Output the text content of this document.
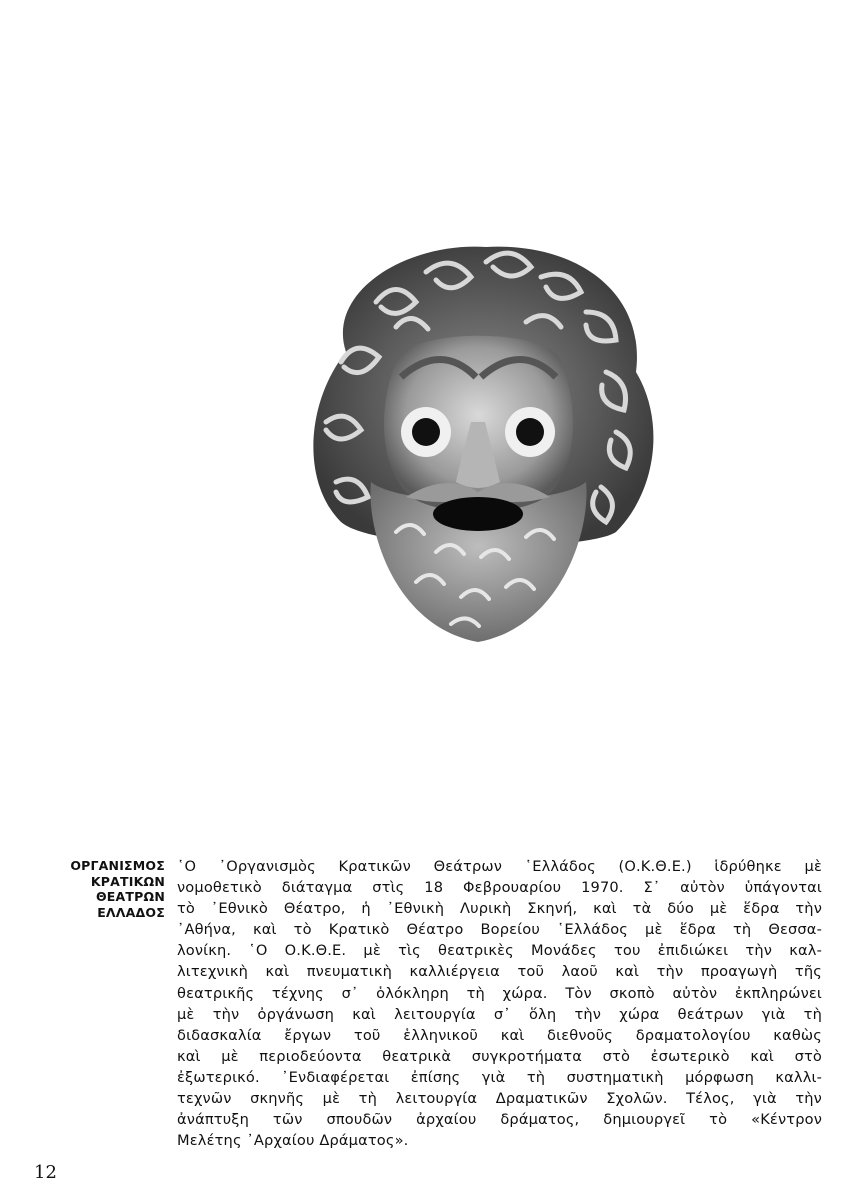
ΟΡΓΑΝΙΣΜΟΣ
ΚΡΑΤΙΚΩΝ
ΘΕΑΤΡΩΝ
ΕΛΛΑΔΟΣ
῾Ο ᾿Οργανισμὸς Κρατικῶν Θεάτρων ῾Ελλάδος (Ο.Κ.Θ.Ε.) ἱδρύθηκε μὲ
νομοθετικὸ διάταγμα στὶς 18 Φεβρουαρίου 1970. Σ᾿ αὐτὸν ὑπάγονται
τὸ ᾿Εθνικὸ Θέατρο, ἡ ᾿Εθνικὴ Λυρικὴ Σκηνή, καὶ τὰ δύο μὲ ἕδρα τὴν
᾿Αθήνα, καὶ τὸ Κρατικὸ Θέατρο Βορείου ῾Ελλάδος μὲ ἕδρα τὴ Θεσσα-
λονίκη. ῾Ο Ο.Κ.Θ.Ε. μὲ τὶς θεατρικὲς Μονάδες του ἐπιδιώκει τὴν καλ-
λιτεχνικὴ καὶ πνευματικὴ καλλιέργεια τοῦ λαοῦ καὶ τὴν προαγωγὴ τῆς
θεατρικῆς τέχνης σ᾿ ὁλόκληρη τὴ χώρα. Τὸν σκοπὸ αὐτὸν ἐκπληρώνει
μὲ τὴν ὀργάνωση καὶ λειτουργία σ᾿ ὅλη τὴν χώρα θεάτρων γιὰ τὴ
διδασκαλία ἔργων τοῦ ἑλληνικοῦ καὶ διεθνοῦς δραματολογίου καθὼς
καὶ μὲ περιοδεύοντα θεατρικὰ συγκροτήματα στὸ ἐσωτερικὸ καὶ στὸ
ἐξωτερικό. ᾿Ενδιαφέρεται ἐπίσης γιὰ τὴ συστηματικὴ μόρφωση καλλι-
τεχνῶν σκηνῆς μὲ τὴ λειτουργία Δραματικῶν Σχολῶν. Τέλος, γιὰ τὴν
ἀνάπτυξη τῶν σπουδῶν ἀρχαίου δράματος, δημιουργεῖ τὸ «Κέντρον
Μελέτης ᾿Αρχαίου Δράματος».
12
